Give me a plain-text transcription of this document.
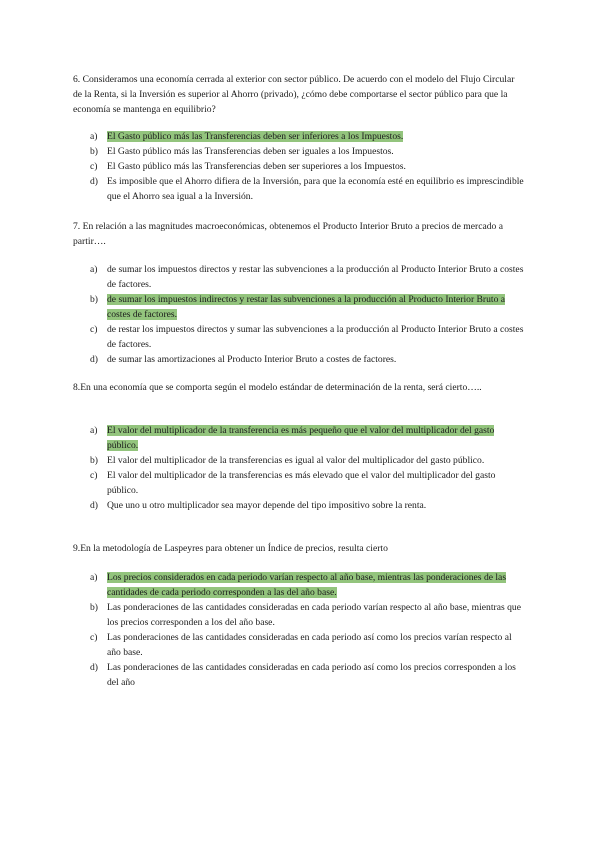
6. Consideramos una economía cerrada al exterior con sector público. De acuerdo con el modelo del Flujo Circular de la Renta, si la Inversión es superior al Ahorro (privado), ¿cómo debe comportarse el sector público para que la economía se mantenga en equilibrio?

a) El Gasto público más las Transferencias deben ser inferiores a los Impuestos.
b) El Gasto público más las Transferencias deben ser iguales a los Impuestos.
c) El Gasto público más las Transferencias deben ser superiores a los Impuestos.
d) Es imposible que el Ahorro difiera de la Inversión, para que la economía esté en equilibrio es imprescindible que el Ahorro sea igual a la Inversión.

7. En relación a las magnitudes macroeconómicas, obtenemos el Producto Interior Bruto a precios de mercado a partir….

a) de sumar los impuestos directos y restar las subvenciones a la producción al Producto Interior Bruto a costes de factores.
b) de sumar los impuestos indirectos y restar las subvenciones a la producción al Producto Interior Bruto a costes de factores.
c) de restar los impuestos directos y sumar las subvenciones a la producción al Producto Interior Bruto a costes de factores.
d) de sumar las amortizaciones al Producto Interior Bruto a costes de factores.

8.En una economía que se comporta según el modelo estándar de determinación de la renta, será cierto…..

a) El valor del multiplicador de la transferencia es más pequeño que el valor del multiplicador del gasto público.
b) El valor del multiplicador de la transferencias es igual al valor del multiplicador del gasto público.
c) El valor del multiplicador de la transferencias es más elevado que el valor del multiplicador del gasto público.
d) Que uno u otro multiplicador sea mayor depende del tipo impositivo sobre la renta.

9.En la metodología de Laspeyres para obtener un Índice de precios, resulta cierto

a) Los precios considerados en cada periodo varían respecto al año base, mientras las ponderaciones de las cantidades de cada periodo corresponden a las del año base.
b) Las ponderaciones de las cantidades consideradas en cada periodo varían respecto al año base, mientras que los precios corresponden a los del año base.
c) Las ponderaciones de las cantidades consideradas en cada periodo así como los precios varían respecto al año base.
d) Las ponderaciones de las cantidades consideradas en cada periodo así como los precios corresponden a los del año
